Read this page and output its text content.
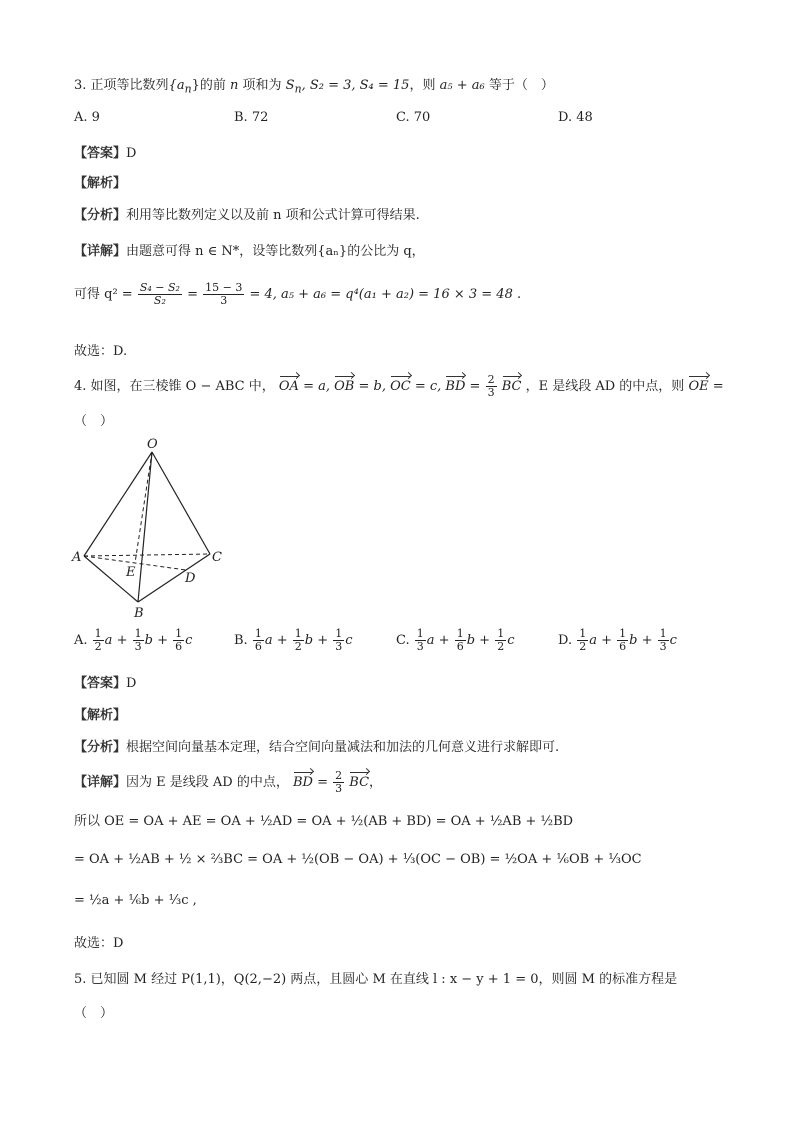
3. 正项等比数列$\{a_n\}$的前 n 项和为 $S_n$, S₂ = 3, S₄ = 15，则 a₅ + a₆ 等于（　）
A. 9	B. 72	C. 70	D. 48
【答案】D
【解析】
【分析】利用等比数列定义以及前 n 项和公式计算可得结果.
【详解】由题意可得 n ∈ N*，设等比数列{aₙ}的公比为 q，
可得 $q^2 = \frac{\text{S₄ − S₂}}{\text{S₂}} = \frac{15 - 3}{3} = 4$, a₅ + a₆ = q⁴(a₁ + a₂) = 16 × 3 = 48 .
故选：D.
4. 如图，在三棱锥 O − ABC 中， OA = a, OB = b, OC = c, BD = $\frac{2}{3}$ BC ，E 是线段 AD 的中点，则 OE =
（　）
O
A	C
E	D
B
A. $\frac{1}{2}$ $a + \frac{1}{3}$ $b + \frac{1}{6}$ c	B. $\frac{1}{6}$ $a + \frac{1}{2}$ $b + \frac{1}{3}$ c	C. $\frac{1}{3}$ $a + \frac{1}{6}$ $b + \frac{1}{2}$ c	D. $\frac{1}{2}$ $a + \frac{1}{6}$ $b + \frac{1}{3}$ c
【答案】D
【解析】
【分析】根据空间向量基本定理，结合空间向量减法和加法的几何意义进行求解即可.
【详解】因为 E 是线段 AD 的中点， BD = $\frac{2}{3}$ BC，
所以 OE = OA + AE = OA + ½AD = OA + ½(AB + BD) = OA + ½AB + ½BD
= OA + ½AB + ½ × ⅔BC = OA + ½(OB − OA) + ⅓(OC − OB) = ½OA + ⅙OB + ⅓OC
= ½a + ⅙b + ⅓c ,
故选：D
5. 已知圆 M 经过 P(1,1)，Q(2,−2) 两点，且圆心 M 在直线 l : x − y + 1 = 0，则圆 M 的标准方程是
（　）
